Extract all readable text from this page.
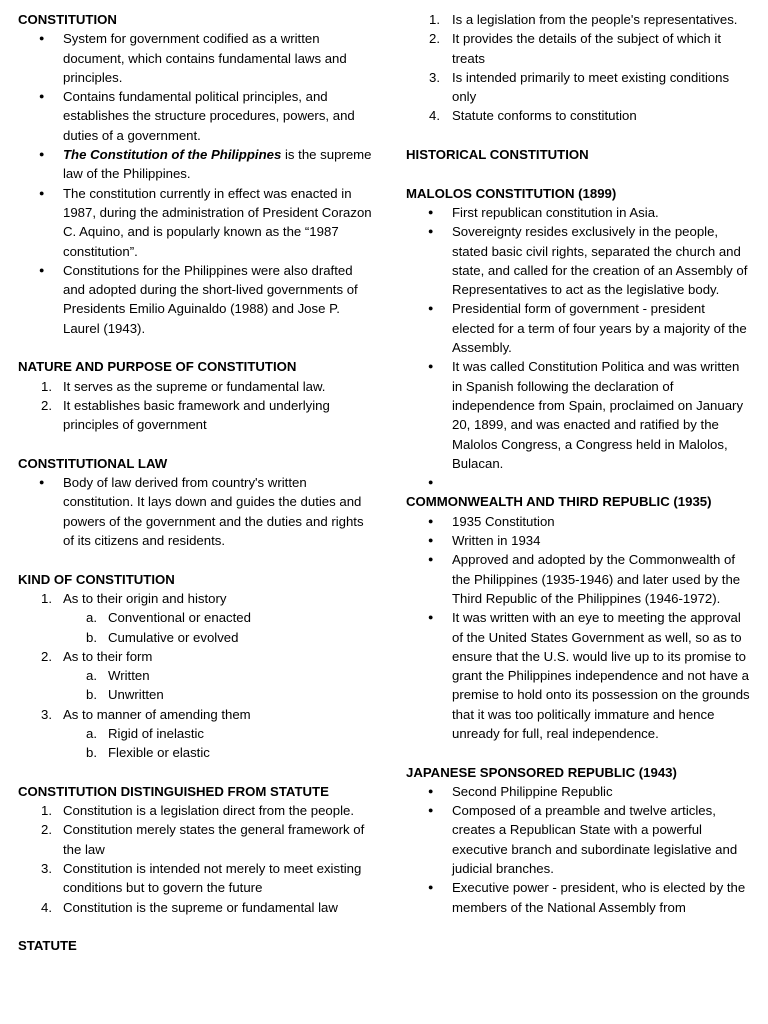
CONSTITUTION
● System for government codified as a written document, which contains fundamental laws and principles.
● Contains fundamental political principles, and establishes the structure procedures, powers, and duties of a government.
● The Constitution of the Philippines is the supreme law of the Philippines.
● The constitution currently in effect was enacted in 1987, during the administration of President Corazon C. Aquino, and is popularly known as the “1987 constitution”.
● Constitutions for the Philippines were also drafted and adopted during the short-lived governments of Presidents Emilio Aguinaldo (1988) and Jose P. Laurel (1943).
NATURE AND PURPOSE OF CONSTITUTION
1. It serves as the supreme or fundamental law.
2. It establishes basic framework and underlying principles of government
CONSTITUTIONAL LAW
● Body of law derived from country's written constitution. It lays down and guides the duties and powers of the government and the duties and rights of its citizens and residents.
KIND OF CONSTITUTION
1. As to their origin and history
a. Conventional or enacted
b. Cumulative or evolved
2. As to their form
a. Written
b. Unwritten
3. As to manner of amending them
a. Rigid of inelastic
b. Flexible or elastic
CONSTITUTION DISTINGUISHED FROM STATUTE
1. Constitution is a legislation direct from the people.
2. Constitution merely states the general framework of the law
3. Constitution is intended not merely to meet existing conditions but to govern the future
4. Constitution is the supreme or fundamental law
STATUTE
1. Is a legislation from the people's representatives.
2. It provides the details of the subject of which it treats
3. Is intended primarily to meet existing conditions only
4. Statute conforms to constitution
HISTORICAL CONSTITUTION
MALOLOS CONSTITUTION (1899)
● First republican constitution in Asia.
● Sovereignty resides exclusively in the people, stated basic civil rights, separated the church and state, and called for the creation of an Assembly of Representatives to act as the legislative body.
● Presidential form of government - president elected for a term of four years by a majority of the Assembly.
● It was called Constitution Politica and was written in Spanish following the declaration of independence from Spain, proclaimed on January 20, 1899, and was enacted and ratified by the Malolos Congress, a Congress held in Malolos, Bulacan.
●
COMMONWEALTH AND THIRD REPUBLIC (1935)
● 1935 Constitution
● Written in 1934
● Approved and adopted by the Commonwealth of the Philippines (1935-1946) and later used by the Third Republic of the Philippines (1946-1972).
● It was written with an eye to meeting the approval of the United States Government as well, so as to ensure that the U.S. would live up to its promise to grant the Philippines independence and not have a premise to hold onto its possession on the grounds that it was too politically immature and hence unready for full, real independence.
JAPANESE SPONSORED REPUBLIC (1943)
● Second Philippine Republic
● Composed of a preamble and twelve articles, creates a Republican State with a powerful executive branch and subordinate legislative and judicial branches.
● Executive power - president, who is elected by the members of the National Assembly from
